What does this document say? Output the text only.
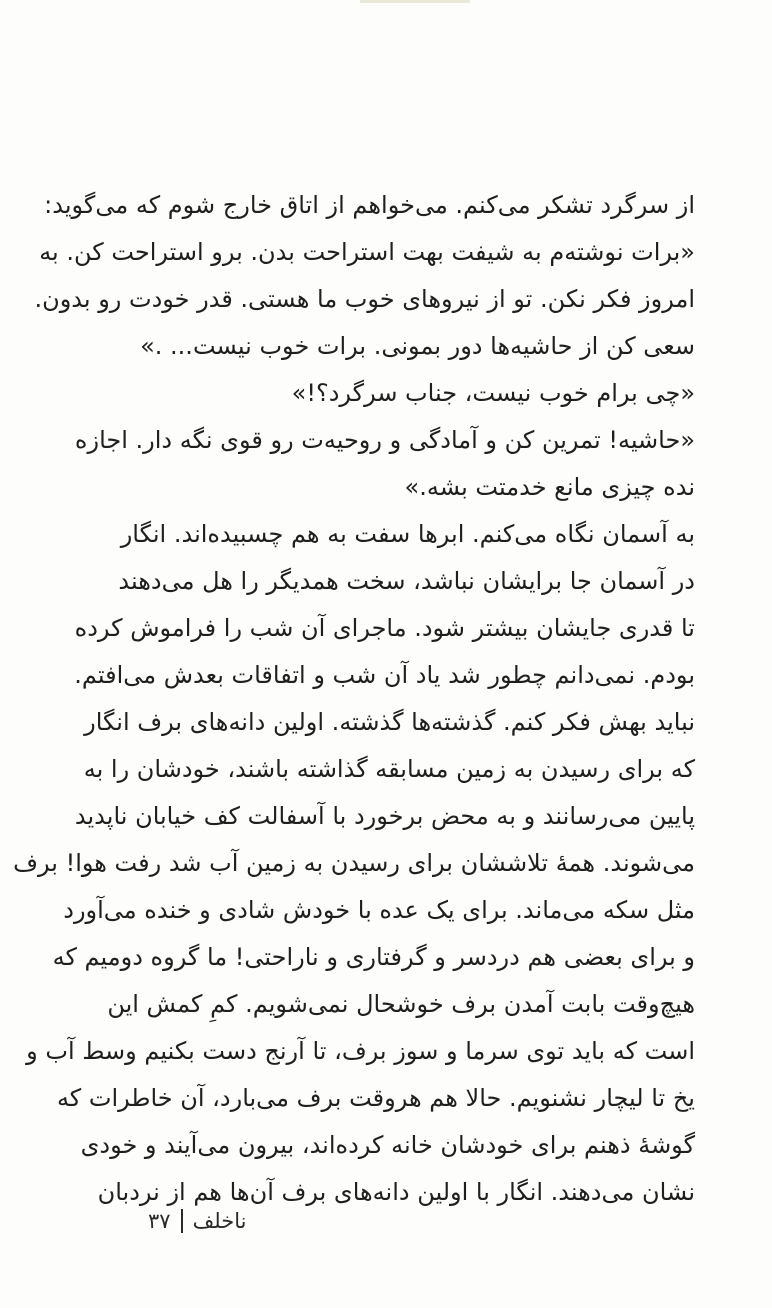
از سرگرد تشکر می‌کنم. می‌خواهم از اتاق خارج شوم که می‌گوید:
«برات نوشته‌م به شیفت بهت استراحت بدن. برو استراحت کن. به
امروز فکر نکن. تو از نیروهای خوب ما هستی. قدر خودت رو بدون.
سعی کن از حاشیه‌ها دور بمونی. برات خوب نیست... .»
«چی برام خوب نیست، جناب سرگرد؟!»
«حاشیه! تمرین کن و آمادگی و روحیه‌ت رو قوی نگه دار. اجازه
نده چیزی مانع خدمتت بشه.»
به آسمان نگاه می‌کنم. ابرها سفت به هم چسبیده‌اند. انگار
در آسمان جا برایشان نباشد، سخت همدیگر را هل می‌دهند
تا قدری جایشان بیشتر شود. ماجرای آن شب را فراموش کرده
بودم. نمی‌دانم چطور شد یاد آن شب و اتفاقات بعدش می‌افتم.
نباید بهش فکر کنم. گذشته‌ها گذشته. اولین دانه‌های برف انگار
که برای رسیدن به زمین مسابقه گذاشته باشند، خودشان را به
پایین می‌رسانند و به محض برخورد با آسفالت کف خیابان ناپدید
می‌شوند. همهٔ تلاششان برای رسیدن به زمین آب شد رفت هوا! برف
مثل سکه می‌ماند. برای یک عده با خودش شادی و خنده می‌آورد
و برای بعضی هم دردسر و گرفتاری و ناراحتی! ما گروه دومیم که
هیچ‌وقت بابت آمدن برف خوشحال نمی‌شویم. کمِ کمش این
است که باید توی سرما و سوز برف، تا آرنج دست بکنیم وسط آب و
یخ تا لیچار نشنویم. حالا هم هروقت برف می‌بارد، آن خاطرات که
گوشهٔ ذهنم برای خودشان خانه کرده‌اند، بیرون می‌آیند و خودی
نشان می‌دهند. انگار با اولین دانه‌های برف آن‌ها هم از نردبان
ناخلف
۳۷
